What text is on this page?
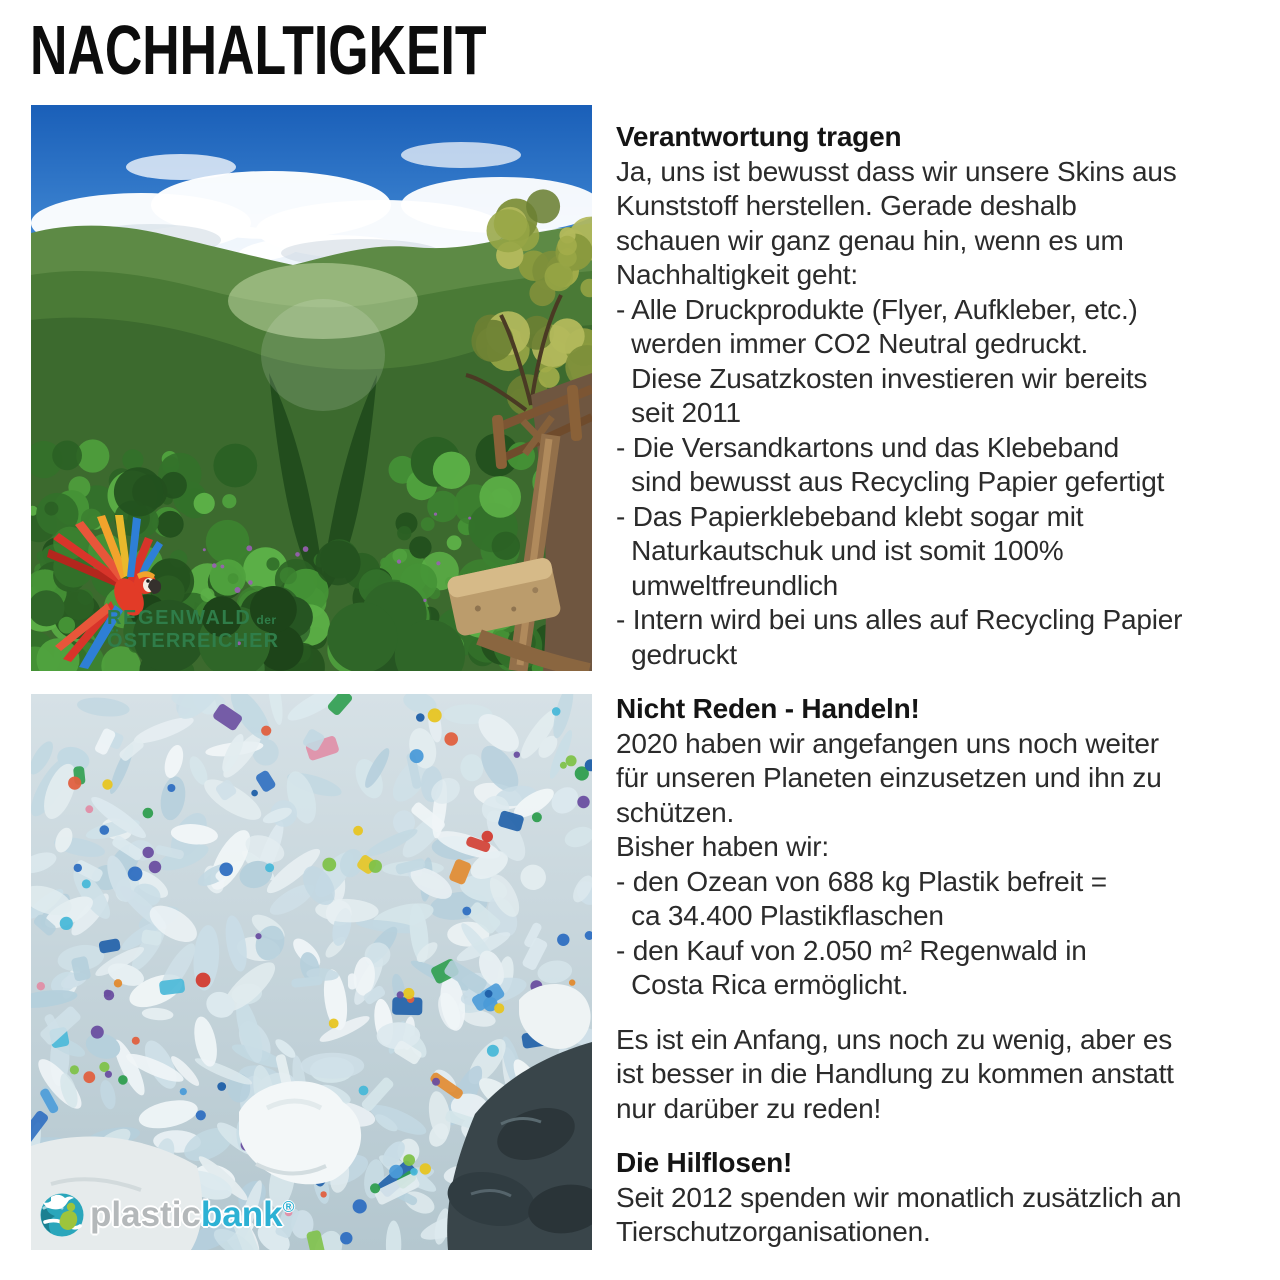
NACHHALTIGKEIT
REGENWALD der
ÖSTERREICHER
plasticbank®
Verantwortung tragen
Ja, uns ist bewusst dass wir unsere Skins aus
Kunststoff herstellen. Gerade deshalb
schauen wir ganz genau hin, wenn es um
Nachhaltigkeit geht:
- Alle Druckprodukte (Flyer, Aufkleber, etc.)
werden immer CO2 Neutral gedruckt.
Diese Zusatzkosten investieren wir bereits
seit 2011
- Die Versandkartons und das Klebeband
sind bewusst aus Recycling Papier gefertigt
- Das Papierklebeband klebt sogar mit
Naturkautschuk und ist somit 100%
umweltfreundlich
- Intern wird bei uns alles auf Recycling Papier
gedruckt
Nicht Reden - Handeln!
2020 haben wir angefangen uns noch weiter
für unseren Planeten einzusetzen und ihn zu
schützen.
Bisher haben wir:
- den Ozean von 688 kg Plastik befreit =
ca 34.400 Plastikflaschen
- den Kauf von 2.050 m² Regenwald in
Costa Rica ermöglicht.
Es ist ein Anfang, uns noch zu wenig, aber es
ist besser in die Handlung zu kommen anstatt
nur darüber zu reden!
Die Hilflosen!
Seit 2012 spenden wir monatlich zusätzlich an
Tierschutzorganisationen.
